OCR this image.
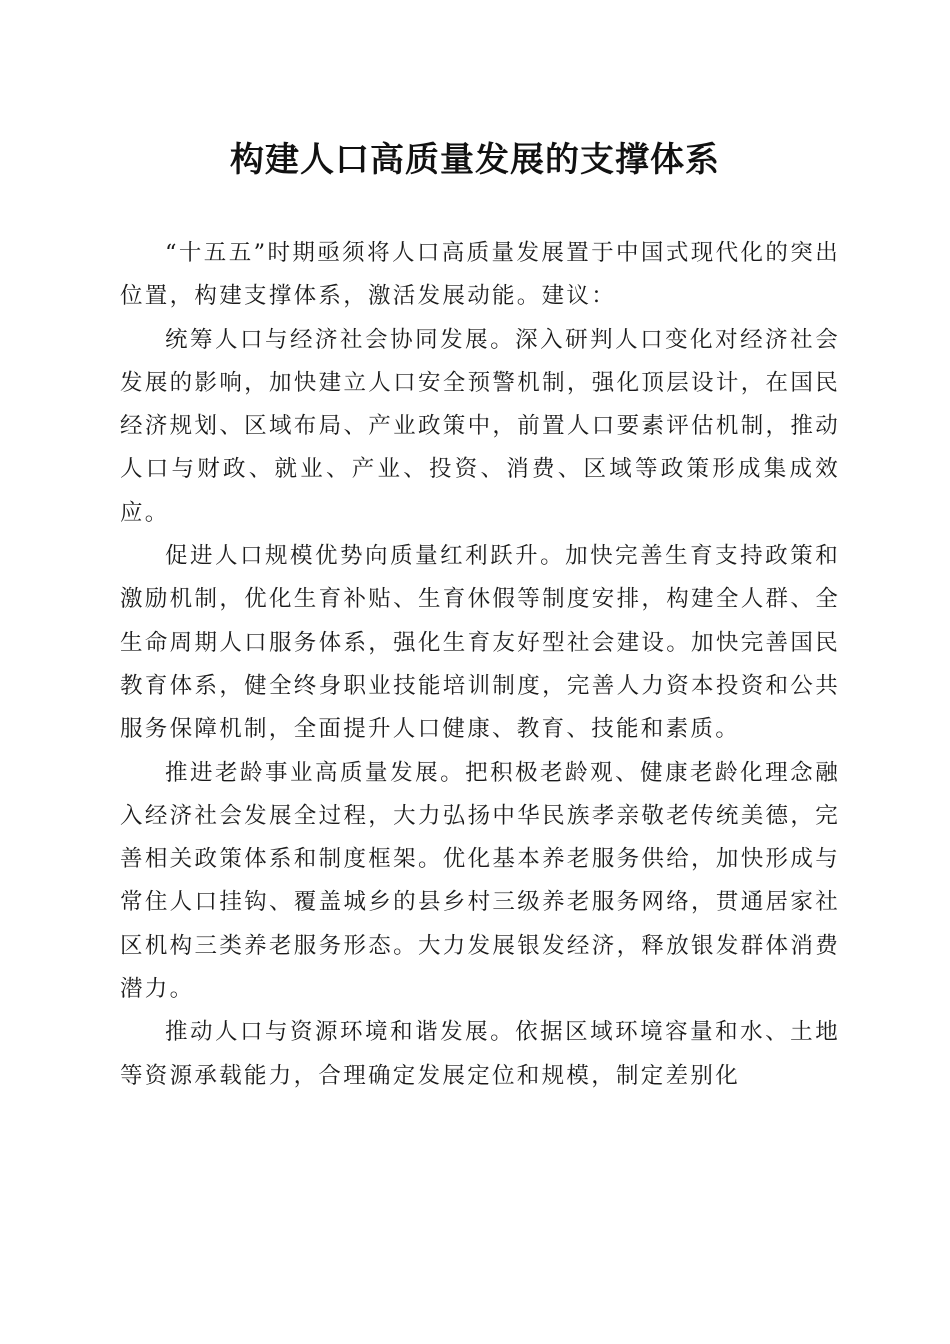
构建人口高质量发展的支撑体系

“十五五”时期亟须将人口高质量发展置于中国式现代化的突出位置，构建支撑体系，激活发展动能。建议：

统筹人口与经济社会协同发展。深入研判人口变化对经济社会发展的影响，加快建立人口安全预警机制，强化顶层设计，在国民经济规划、区域布局、产业政策中，前置人口要素评估机制，推动人口与财政、就业、产业、投资、消费、区域等政策形成集成效应。

促进人口规模优势向质量红利跃升。加快完善生育支持政策和激励机制，优化生育补贴、生育休假等制度安排，构建全人群、全生命周期人口服务体系，强化生育友好型社会建设。加快完善国民教育体系，健全终身职业技能培训制度，完善人力资本投资和公共服务保障机制，全面提升人口健康、教育、技能和素质。

推进老龄事业高质量发展。把积极老龄观、健康老龄化理念融入经济社会发展全过程，大力弘扬中华民族孝亲敬老传统美德，完善相关政策体系和制度框架。优化基本养老服务供给，加快形成与常住人口挂钩、覆盖城乡的县乡村三级养老服务网络，贯通居家社区机构三类养老服务形态。大力发展银发经济，释放银发群体消费潜力。

推动人口与资源环境和谐发展。依据区域环境容量和水、土地等资源承载能力，合理确定发展定位和规模，制定差别化
